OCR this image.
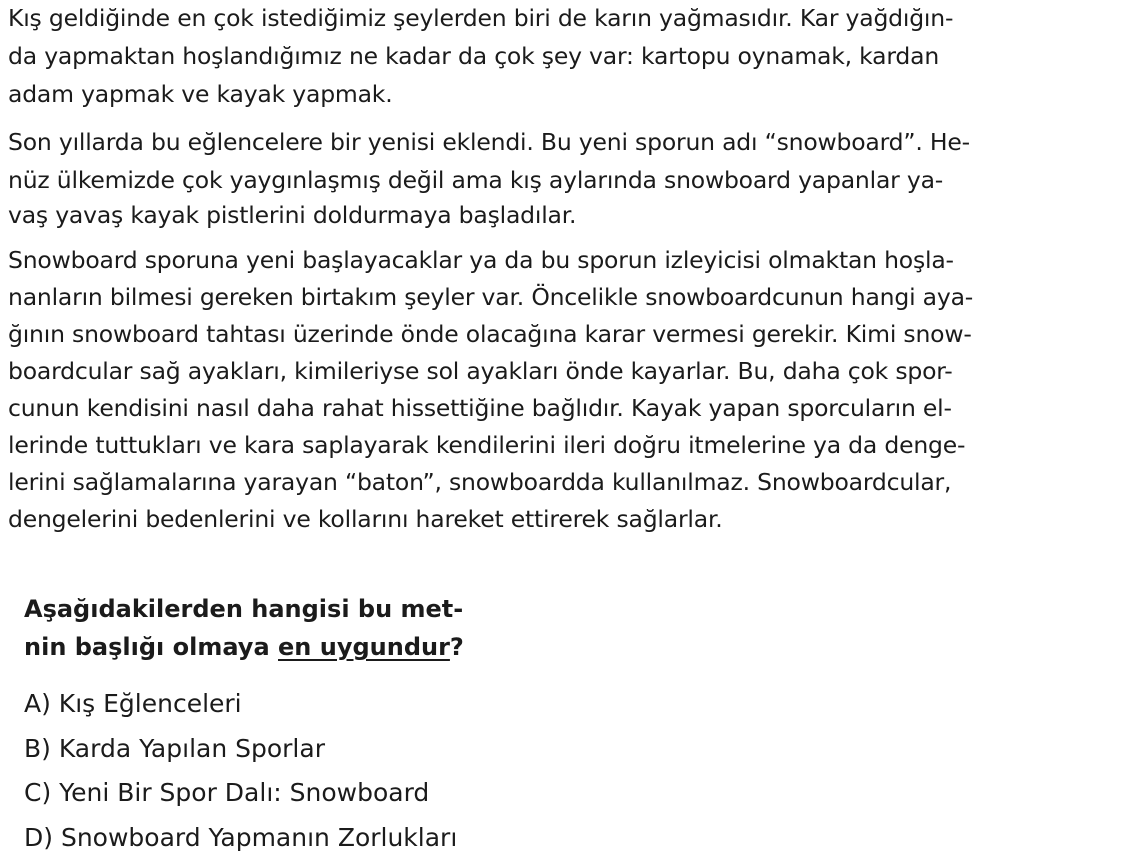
Kış geldiğinde en çok istediğimiz şeylerden biri de karın yağmasıdır. Kar yağdığın-
da yapmaktan hoşlandığımız ne kadar da çok şey var: kartopu oynamak, kardan
adam yapmak ve kayak yapmak.
Son yıllarda bu eğlencelere bir yenisi eklendi. Bu yeni sporun adı “snowboard”. He-
nüz ülkemizde çok yaygınlaşmış değil ama kış aylarında snowboard yapanlar ya-
vaş yavaş kayak pistlerini doldurmaya başladılar.
Snowboard sporuna yeni başlayacaklar ya da bu sporun izleyicisi olmaktan hoşla-
nanların bilmesi gereken birtakım şeyler var. Öncelikle snowboardcunun hangi aya-
ğının snowboard tahtası üzerinde önde olacağına karar vermesi gerekir. Kimi snow-
boardcular sağ ayakları, kimileriyse sol ayakları önde kayarlar. Bu, daha çok spor-
cunun kendisini nasıl daha rahat hissettiğine bağlıdır. Kayak yapan sporcuların el-
lerinde tuttukları ve kara saplayarak kendilerini ileri doğru itmelerine ya da denge-
lerini sağlamalarına yarayan “baton”, snowboardda kullanılmaz. Snowboardcular,
dengelerini bedenlerini ve kollarını hareket ettirerek sağlarlar.
Aşağıdakilerden hangisi bu met-
nin başlığı olmaya en uygundur?
A) Kış Eğlenceleri
B) Karda Yapılan Sporlar
C) Yeni Bir Spor Dalı: Snowboard
D) Snowboard Yapmanın Zorlukları
